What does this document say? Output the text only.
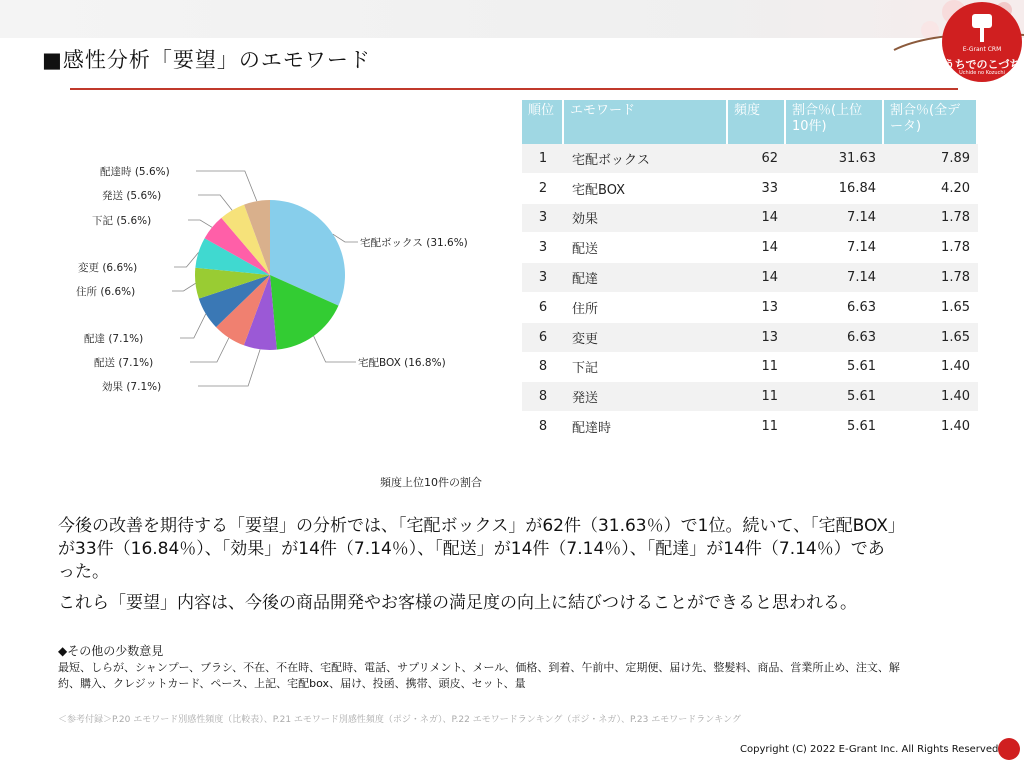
■感性分析「要望」のエモワード	E-Grant CRM
うちでのこづち
Uchide no Kozuchi
宅配ボックス (31.6%)
宅配BOX (16.8%)
効果 (7.1%)
配送 (7.1%)
配達 (7.1%)
住所 (6.6%)
変更 (6.6%)
下記 (5.6%)
発送 (5.6%)
配達時 (5.6%)
頻度上位10件の割合
順位	エモワード	頻度	割合％(上位10件)	割合％(全データ)
1	宅配ボックス	62	31.63	7.89
2	宅配BOX	33	16.84	4.20
3	効果	14	7.14	1.78
3	配送	14	7.14	1.78
3	配達	14	7.14	1.78
6	住所	13	6.63	1.65
6	変更	13	6.63	1.65
8	下記	11	5.61	1.40
8	発送	11	5.61	1.40
8	配達時	11	5.61	1.40

今後の改善を期待する「要望」の分析では、「宅配ボックス」が62件（31.63％）で1位。続いて、「宅配BOX」が33件（16.84％）、「効果」が14件（7.14％）、「配送」が14件（7.14％）、「配達」が14件（7.14％）であった。

これら「要望」内容は、今後の商品開発やお客様の満足度の向上に結びつけることができると思われる。

◆その他の少数意見
最短、しらが、シャンプー、ブラシ、不在、不在時、宅配時、電話、サプリメント、メール、価格、到着、午前中、定期便、届け先、整髪料、商品、営業所止め、注文、解約、購入、クレジットカード、ペース、上記、宅配box、届け、投函、携帯、頭皮、セット、量
＜参考付録＞P.20 エモワード別感性頻度（比較表）、P.21 エモワード別感性頻度（ポジ・ネガ）、P.22 エモワードランキング（ポジ・ネガ）、P.23 エモワードランキング
Copyright (C) 2022 E-Grant Inc. All Rights Reserved
